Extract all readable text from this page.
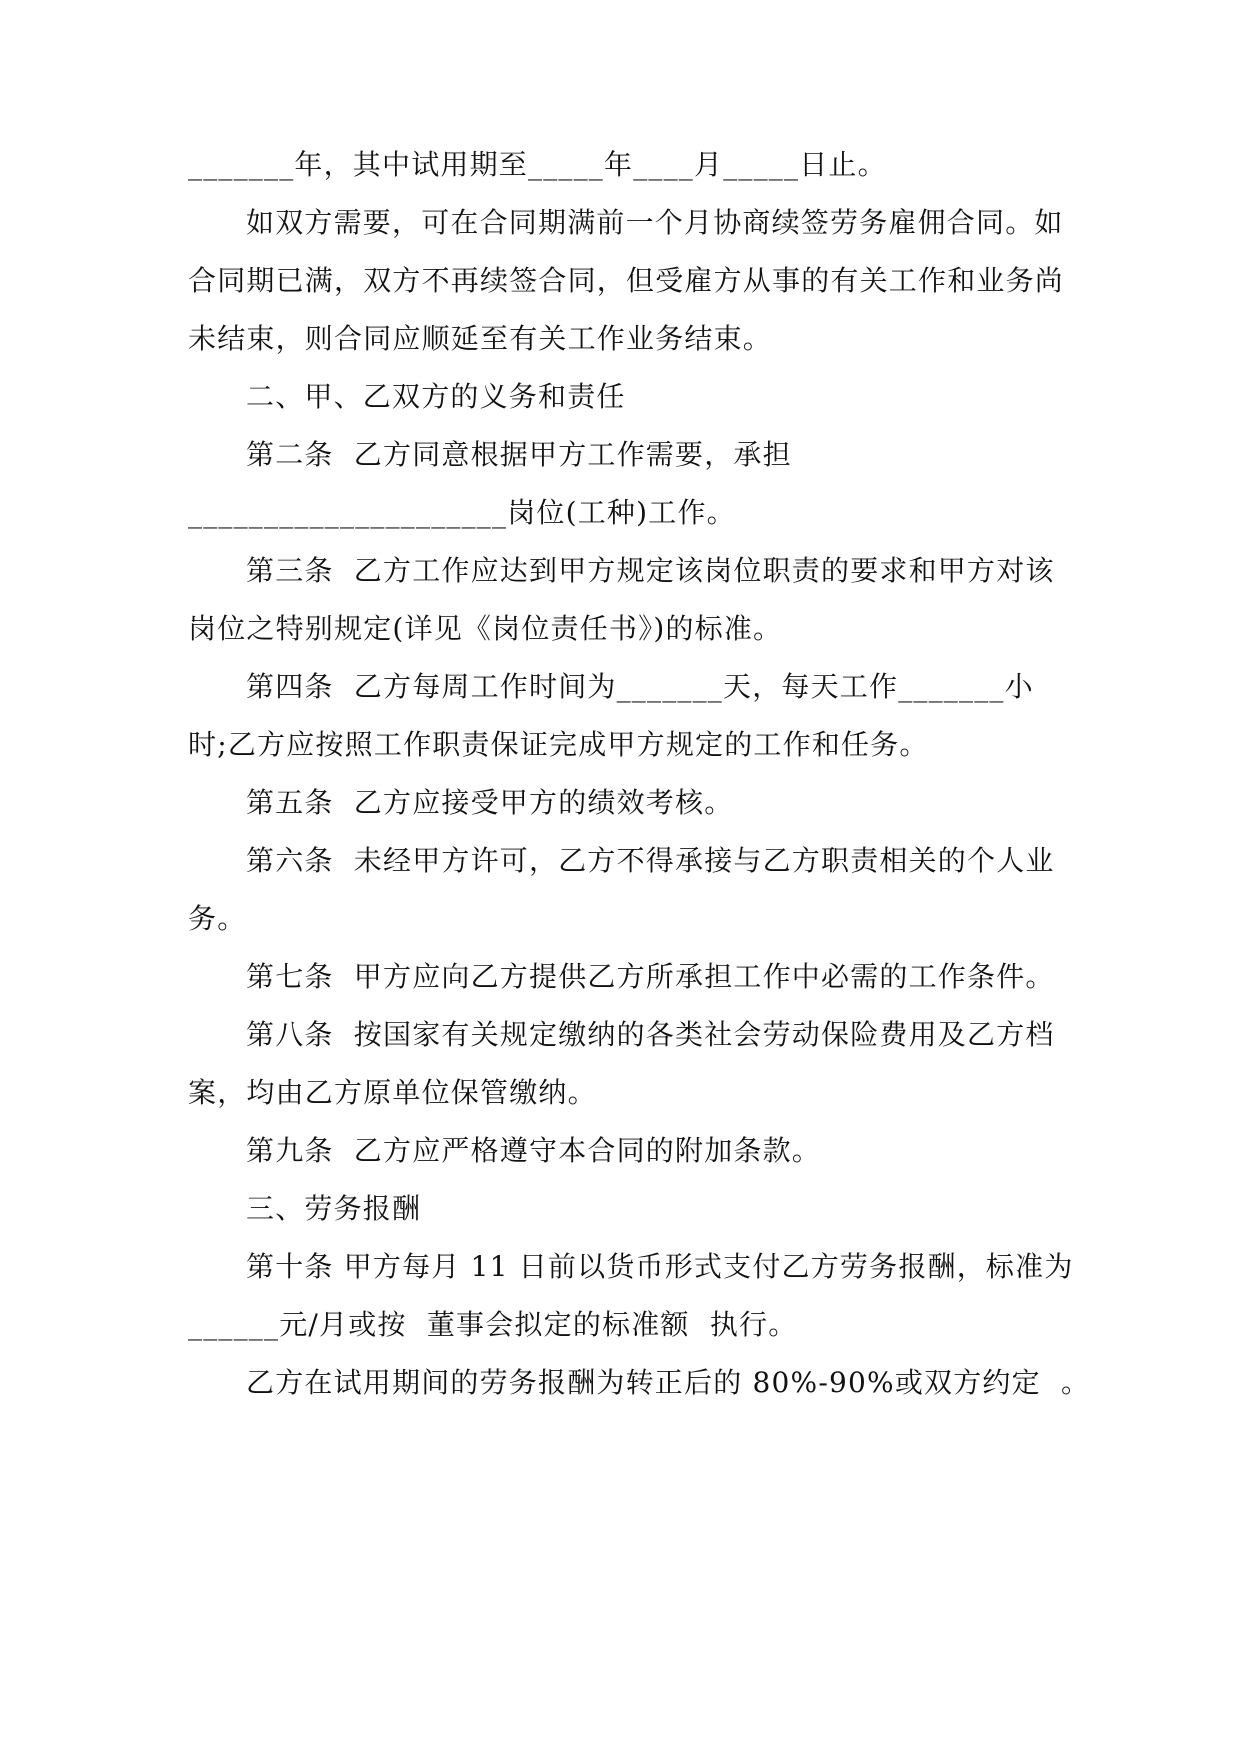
_______年，其中试用期至_____年____月_____日止。
如双方需要，可在合同期满前一个月协商续签劳务雇佣合同。如
合同期已满，双方不再续签合同，但受雇方从事的有关工作和业务尚
未结束，则合同应顺延至有关工作业务结束。
二、甲、乙双方的义务和责任
第二条  乙方同意根据甲方工作需要，承担
_____________________岗位(工种)工作。
第三条  乙方工作应达到甲方规定该岗位职责的要求和甲方对该
岗位之特别规定(详见《岗位责任书》)的标准。
第四条  乙方每周工作时间为_______天，每天工作_______小
时;乙方应按照工作职责保证完成甲方规定的工作和任务。
第五条  乙方应接受甲方的绩效考核。
第六条  未经甲方许可，乙方不得承接与乙方职责相关的个人业
务。
第七条  甲方应向乙方提供乙方所承担工作中必需的工作条件。
第八条  按国家有关规定缴纳的各类社会劳动保险费用及乙方档
案，均由乙方原单位保管缴纳。
第九条  乙方应严格遵守本合同的附加条款。
三、劳务报酬
第十条 甲方每月 11 日前以货币形式支付乙方劳务报酬，标准为
______元/月或按  董事会拟定的标准额  执行。
乙方在试用期间的劳务报酬为转正后的 80%-90%或双方约定  。
